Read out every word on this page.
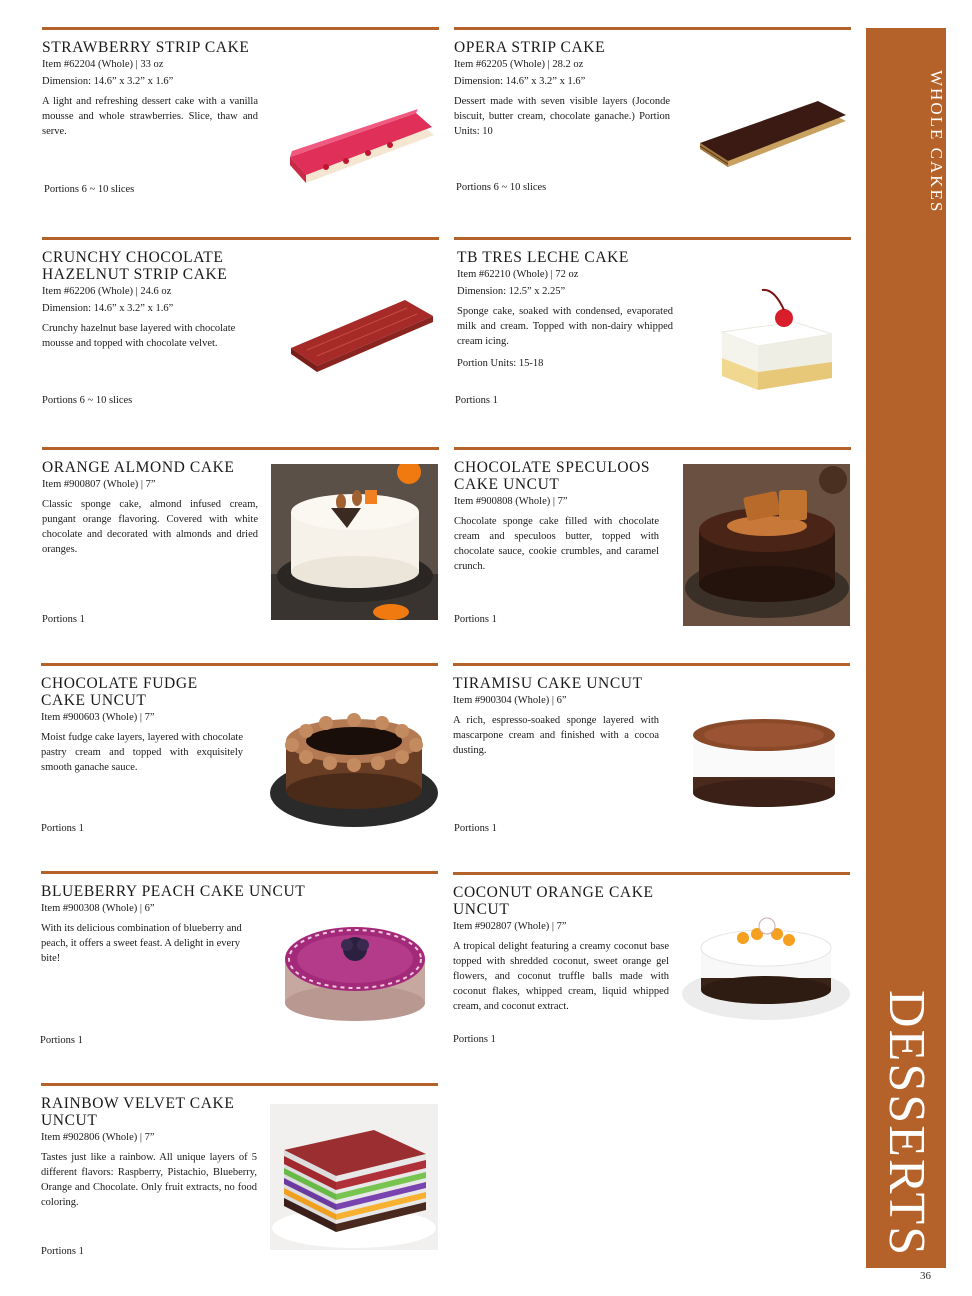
STRAWBERRY STRIP CAKE
Item #62204 (Whole) | 33 oz
Dimension: 14.6” x 3.2” x 1.6”
A light and refreshing dessert cake with a vanilla mousse and whole strawberries. Slice, thaw and serve.
Portions 6 ~ 10 slices
OPERA STRIP CAKE
Item #62205 (Whole) | 28.2 oz
Dimension: 14.6” x 3.2” x 1.6”
Dessert made with seven visible layers (Joconde biscuit, butter cream, chocolate ganache.) Portion Units: 10
Portions 6 ~ 10 slices
CRUNCHY CHOCOLATE HAZELNUT STRIP CAKE
Item #62206 (Whole) | 24.6 oz
Dimension: 14.6” x 3.2” x 1.6”
Crunchy hazelnut base layered with chocolate mousse and topped with chocolate velvet.
Portions 6 ~ 10 slices
TB TRES LECHE CAKE
Item #62210 (Whole) | 72 oz
Dimension: 12.5” x 2.25”
Sponge cake, soaked with condensed, evaporated milk and cream. Topped with non-dairy whipped cream icing.
Portion Units: 15-18
Portions 1
ORANGE ALMOND CAKE
Item #900807 (Whole) | 7”
Classic sponge cake, almond infused cream, pungant orange flavoring. Covered with white chocolate and decorated with almonds and dried oranges.
Portions 1
CHOCOLATE SPECULOOS CAKE UNCUT
Item #900808 (Whole) | 7”
Chocolate sponge cake filled with chocolate cream and speculoos butter, topped with chocolate sauce, cookie crumbles, and caramel crunch.
Portions 1
CHOCOLATE FUDGE CAKE UNCUT
Item #900603 (Whole) | 7”
Moist fudge cake layers, layered with chocolate pastry cream and topped with exquisitely smooth ganache sauce.
Portions 1
TIRAMISU CAKE UNCUT
Item #900304 (Whole) | 6”
A rich, espresso-soaked sponge layered with mascarpone cream and finished with a cocoa dusting.
Portions 1
BLUEBERRY PEACH CAKE UNCUT
Item #900308 (Whole) | 6”
With its delicious combination of blueberry and peach, it offers a sweet feast. A delight in every bite!
Portions 1
COCONUT ORANGE CAKE UNCUT
Item #902807 (Whole) | 7”
A tropical delight featuring a creamy coconut base topped with shredded coconut, sweet orange gel flowers, and coconut truffle balls made with coconut flakes, whipped cream, liquid whipped cream, and coconut extract.
Portions 1
RAINBOW VELVET CAKE UNCUT
Item #902806 (Whole) | 7”
Tastes just like a rainbow. All unique layers of 5 different flavors: Raspberry, Pistachio, Blueberry, Orange and Chocolate. Only fruit extracts, no food coloring.
Portions 1
WHOLE CAKES
DESSERTS
36
